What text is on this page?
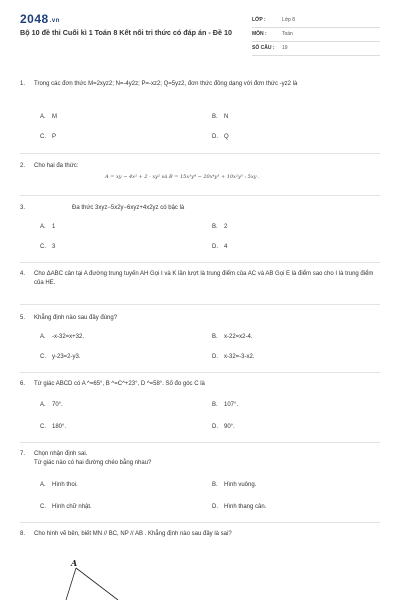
2048.vn
Bộ 10 đề thi Cuối kì 1 Toán 8 Kết nối tri thức có đáp án - Đề 10
LỚP :	Lớp 8
MÔN :	Toán
SỐ CÂU : 19
1. Trong các đơn thức M=2xyz2; N=-4y2z; P=-xz2; Q=5yz2, đơn thức đồng dạng với đơn thức -yz2 là
A. M	B. N
C. P	D. Q
2. Cho hai đa thức:
A = xy − 4x² + 2 · xy² và B = 15x³y⁴ − 20x⁴y³ + 10x²y³ : 5xy .
3.	Đa thức 3xyz−5x2y−6xyz+4x2yz có bậc là
A. 1	B. 2
C. 3	D. 4
4. Cho ΔABC cân tại A đường trung tuyến AH Gọi I và K lần lượt là trung điểm của AC và AB Gọi E là điểm sao cho I là trung điểm của HE.
5. Khẳng định nào sau đây đúng?
A. -x-32=x+32.	B. x-22=x2-4.
C. y-23=2-y3.	D. x-32=-3-x2.
6. Tứ giác ABCD có A ^=65°, B ^=C^+23°, D ^=58°. Số đo góc C là
A. 70°.	B. 107°.
C. 180°.	D. 90°.
7. Chọn nhận định sai.
Tứ giác nào có hai đường chéo bằng nhau?
A. Hình thoi.	B. Hình vuông.
C. Hình chữ nhật.	D. Hình thang cân.
8. Cho hình vẽ bên, biết MN // BC, NP // AB . Khẳng định nào sau đây là sai?
A
